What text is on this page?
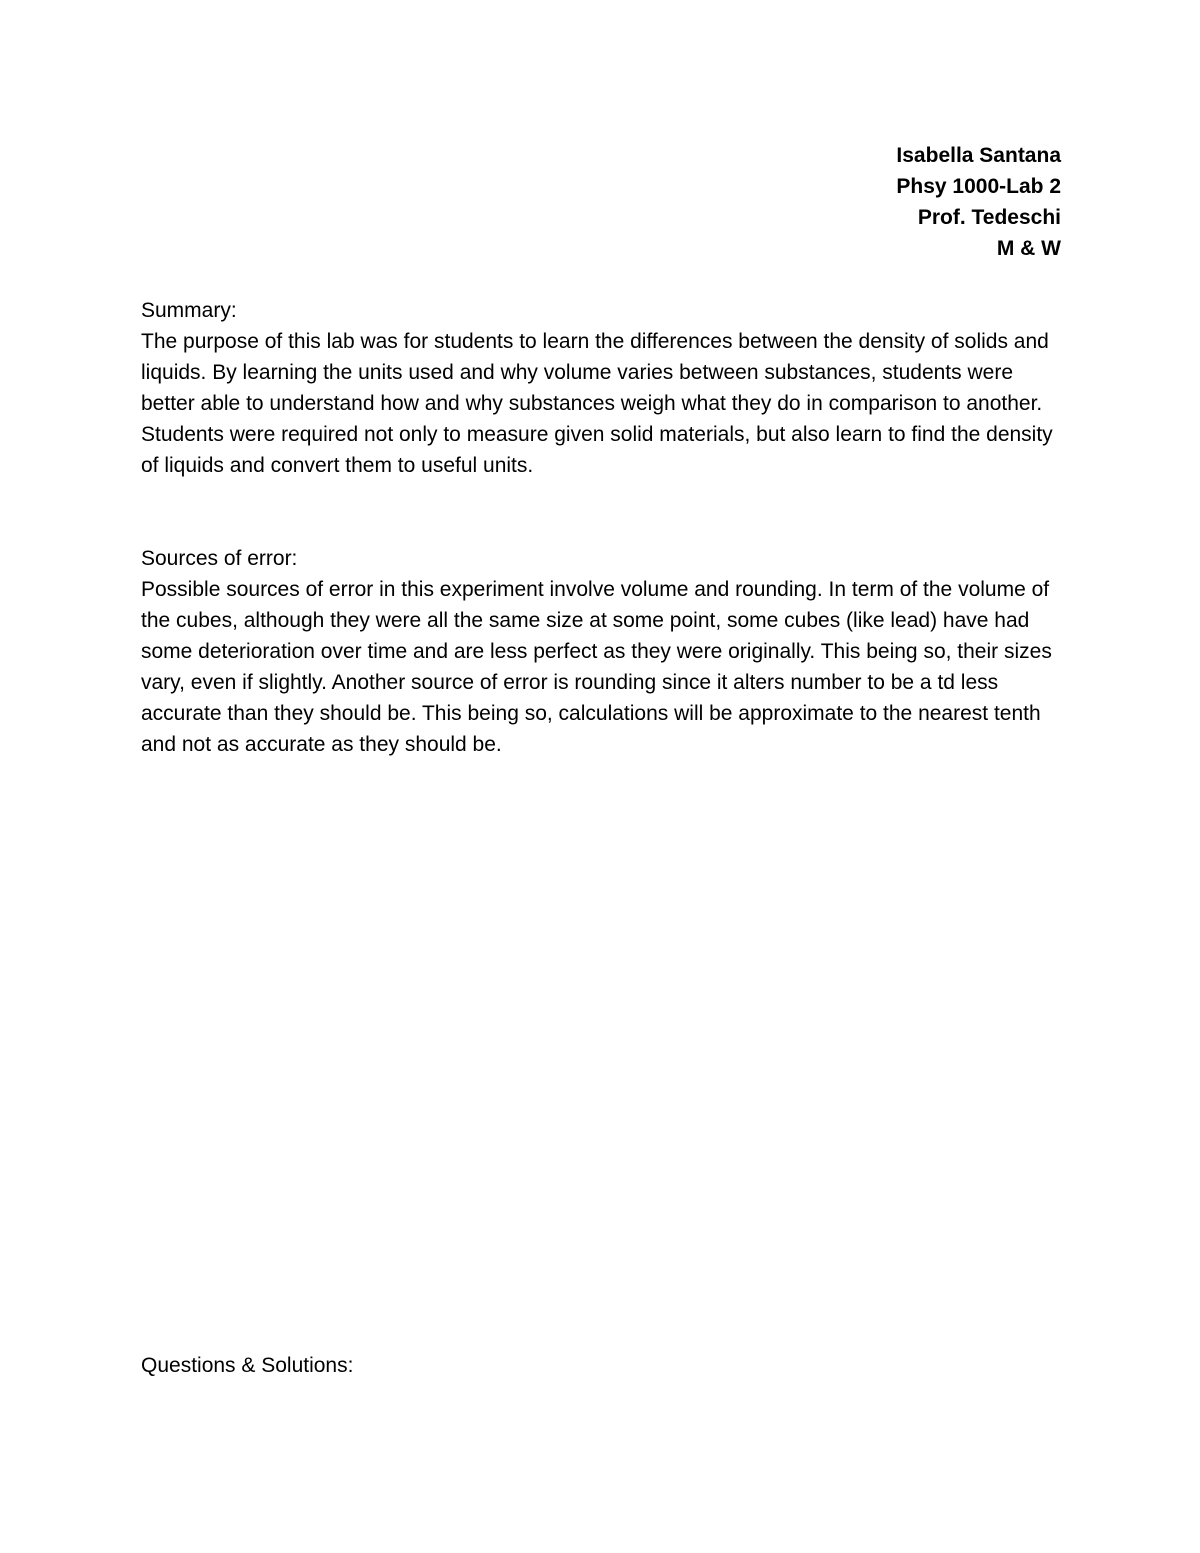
Isabella Santana
Phsy 1000-Lab 2
Prof. Tedeschi
M & W
Summary:

The purpose of this lab was for students to learn the differences between the density of solids and liquids. By learning the units used and why volume varies between substances, students were better able to understand how and why substances weigh what they do in comparison to another. Students were required not only to measure given solid materials, but also learn to find the density of liquids and convert them to useful units.

Sources of error:

Possible sources of error in this experiment involve volume and rounding. In term of the volume of the cubes, although they were all the same size at some point, some cubes (like lead) have had some deterioration over time and are less perfect as they were originally. This being so, their sizes vary, even if slightly. Another source of error is rounding since it alters number to be a td less accurate than they should be. This being so, calculations will be approximate to the nearest tenth and not as accurate as they should be.

Questions & Solutions:
